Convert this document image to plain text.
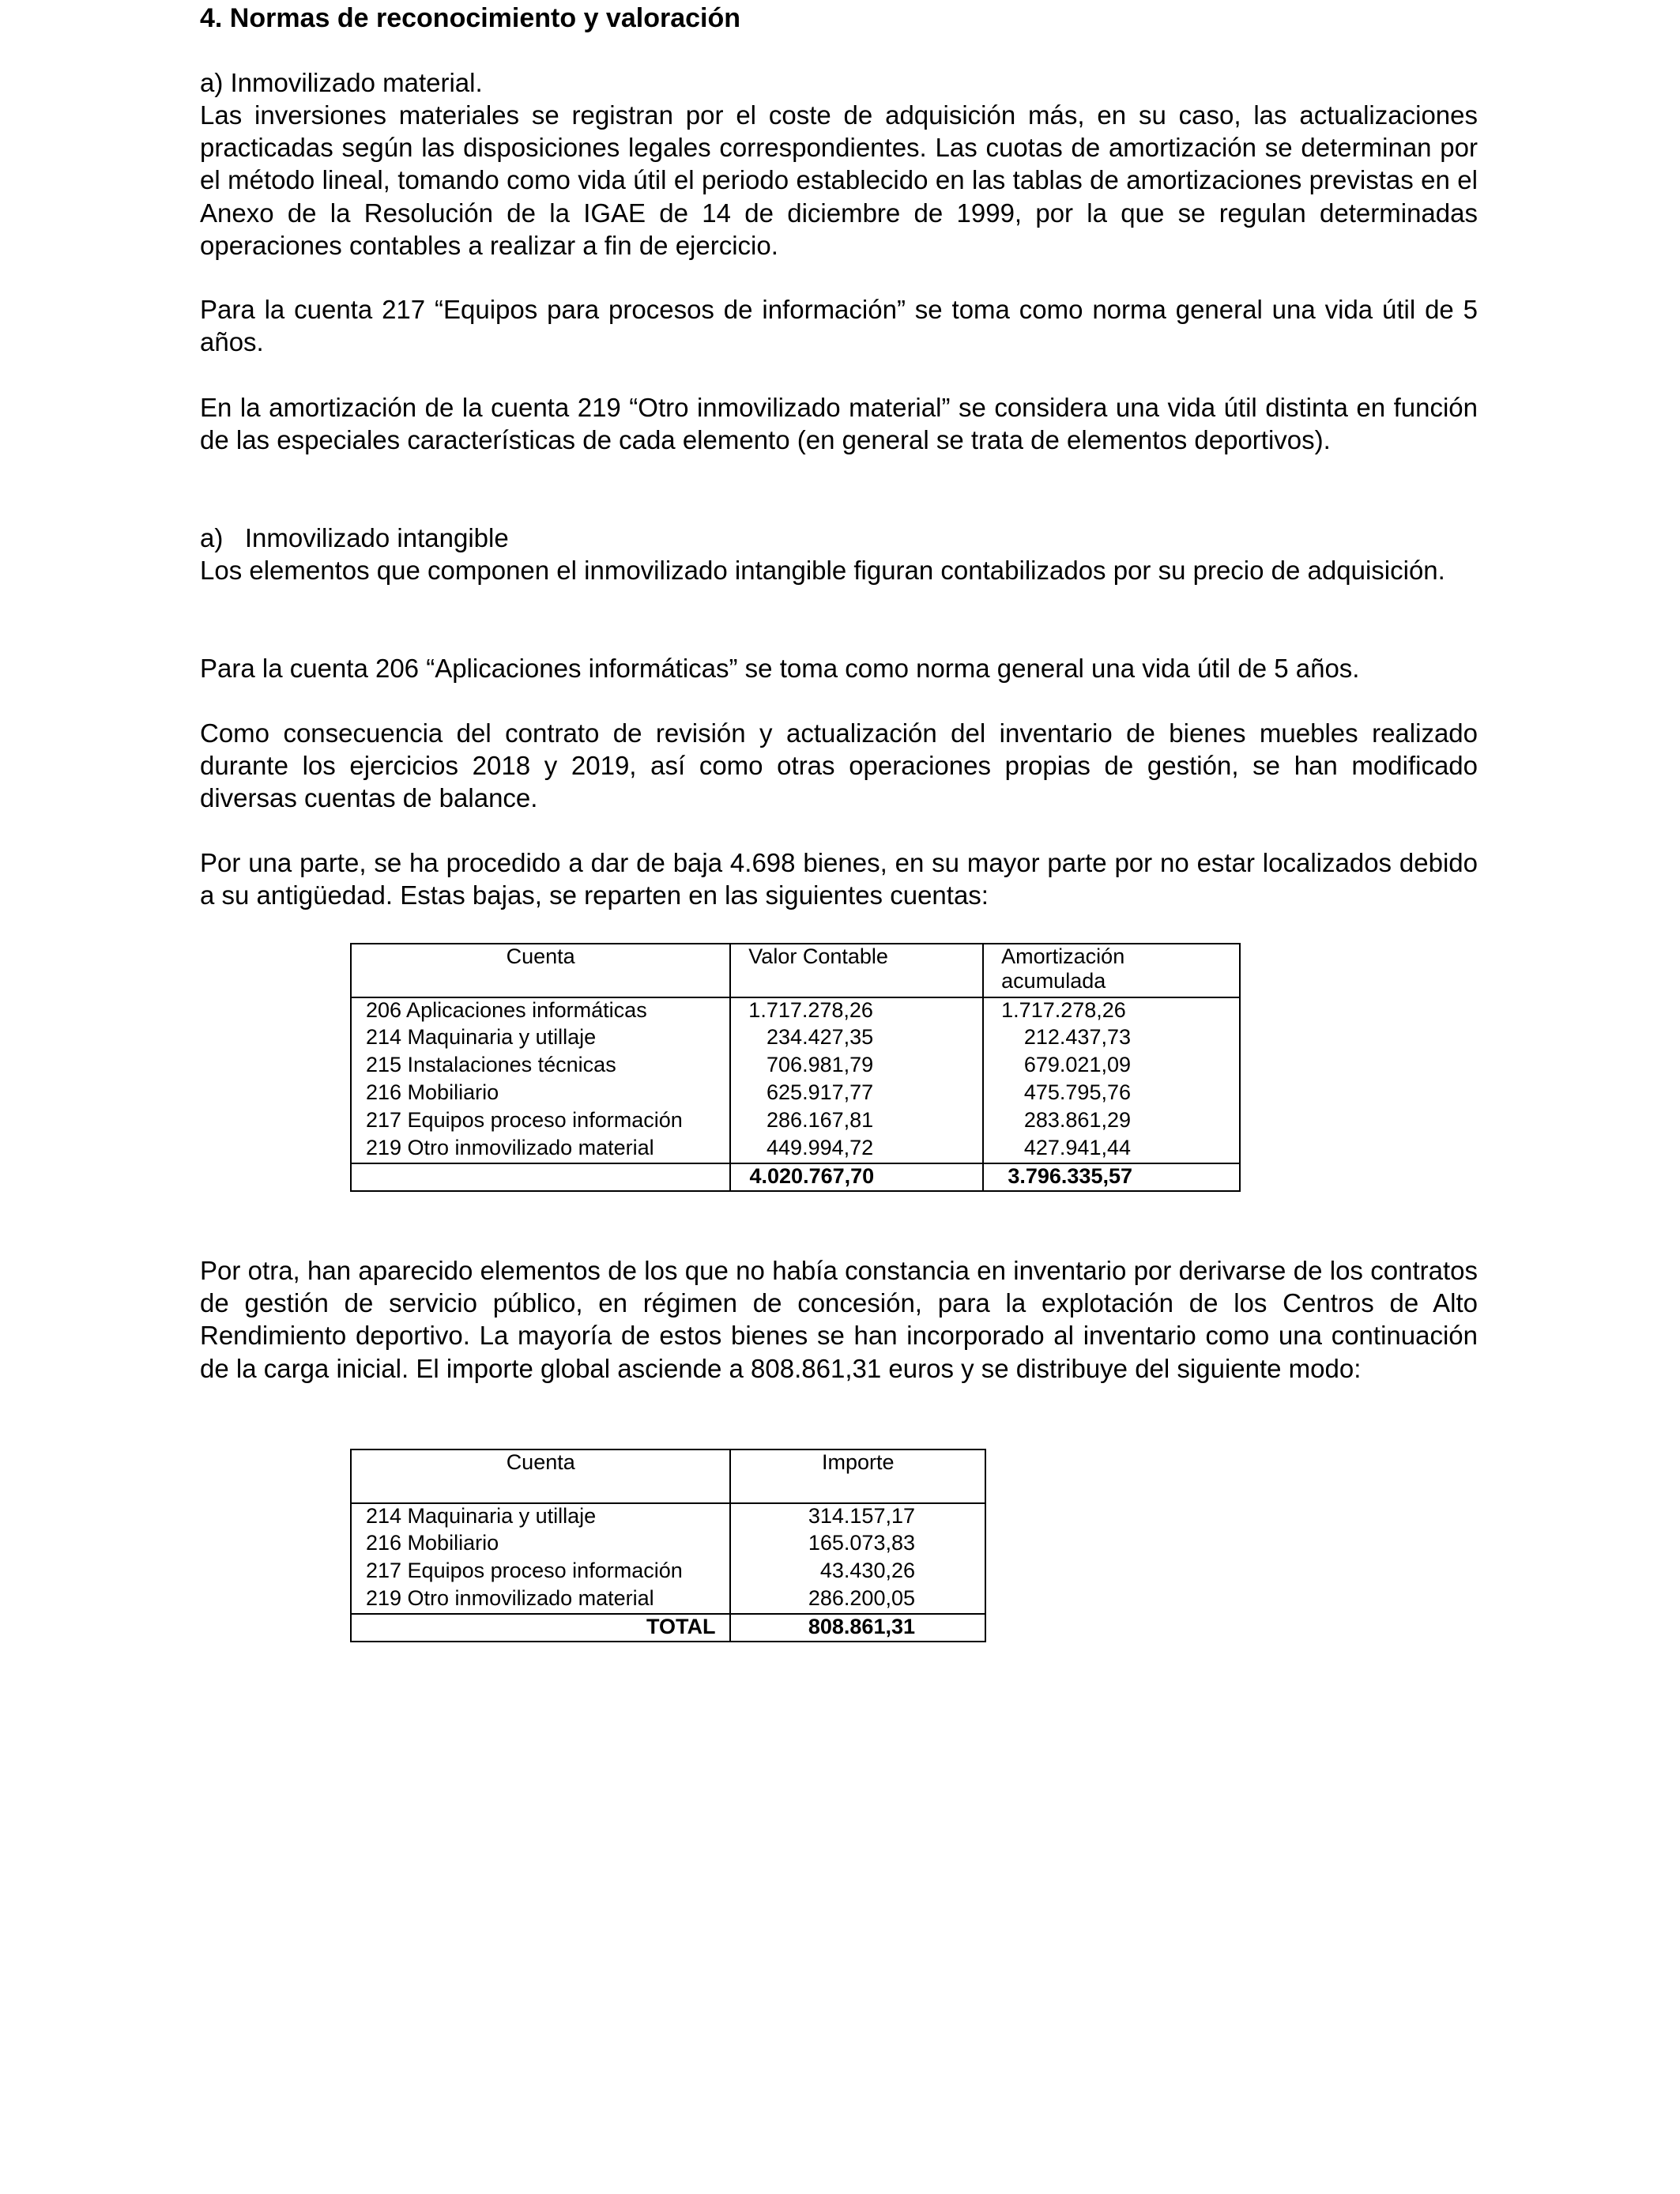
4. Normas de reconocimiento y valoración

a) Inmovilizado material.

Las inversiones materiales se registran por el coste de adquisición más, en su caso, las actualizaciones practicadas según las disposiciones legales correspondientes. Las cuotas de amortización se determinan por el método lineal, tomando como vida útil el periodo establecido en las tablas de amortizaciones previstas en el Anexo de la Resolución de la IGAE de 14 de diciembre de 1999, por la que se regulan determinadas operaciones contables a realizar a fin de ejercicio.

Para la cuenta 217 “Equipos para procesos de información” se toma como norma general una vida útil de 5 años.

En la amortización de la cuenta 219 “Otro inmovilizado material” se considera una vida útil distinta en función de las especiales características de cada elemento (en general se trata de elementos deportivos).

a)   Inmovilizado intangible

Los elementos que componen el inmovilizado intangible figuran contabilizados por su precio de adquisición.

Para la cuenta 206 “Aplicaciones informáticas” se toma como norma general una vida útil de 5 años.

Como consecuencia del contrato de revisión y actualización del inventario de bienes muebles realizado durante los ejercicios 2018 y 2019, así como otras operaciones propias de gestión, se han modificado diversas cuentas de balance.

Por una parte, se ha procedido a dar de baja 4.698 bienes, en su mayor parte por no estar localizados debido a su antigüedad. Estas bajas, se reparten en las siguientes cuentas:

Cuenta	Valor Contable	Amortización
acumulada

206 Aplicaciones informáticas	1.717.278,26	1.717.278,26
214 Maquinaria y utillaje	234.427,35	212.437,73
215 Instalaciones técnicas	706.981,79	679.021,09
216 Mobiliario	625.917,77	475.795,76
217 Equipos proceso información	286.167,81	283.861,29
219 Otro inmovilizado material	449.994,72	427.941,44
	4.020.767,70	3.796.335,57

Por otra, han aparecido elementos de los que no había constancia en inventario por derivarse de los contratos de gestión de servicio público, en régimen de concesión, para la explotación de los Centros de Alto Rendimiento deportivo. La mayoría de estos bienes se han incorporado al inventario como una continuación de la carga inicial. El importe global asciende a 808.861,31 euros y se distribuye del siguiente modo:

Cuenta	Importe
214 Maquinaria y utillaje	314.157,17
216 Mobiliario	165.073,83
217 Equipos proceso información	43.430,26
219 Otro inmovilizado material	286.200,05
TOTAL	808.861,31
